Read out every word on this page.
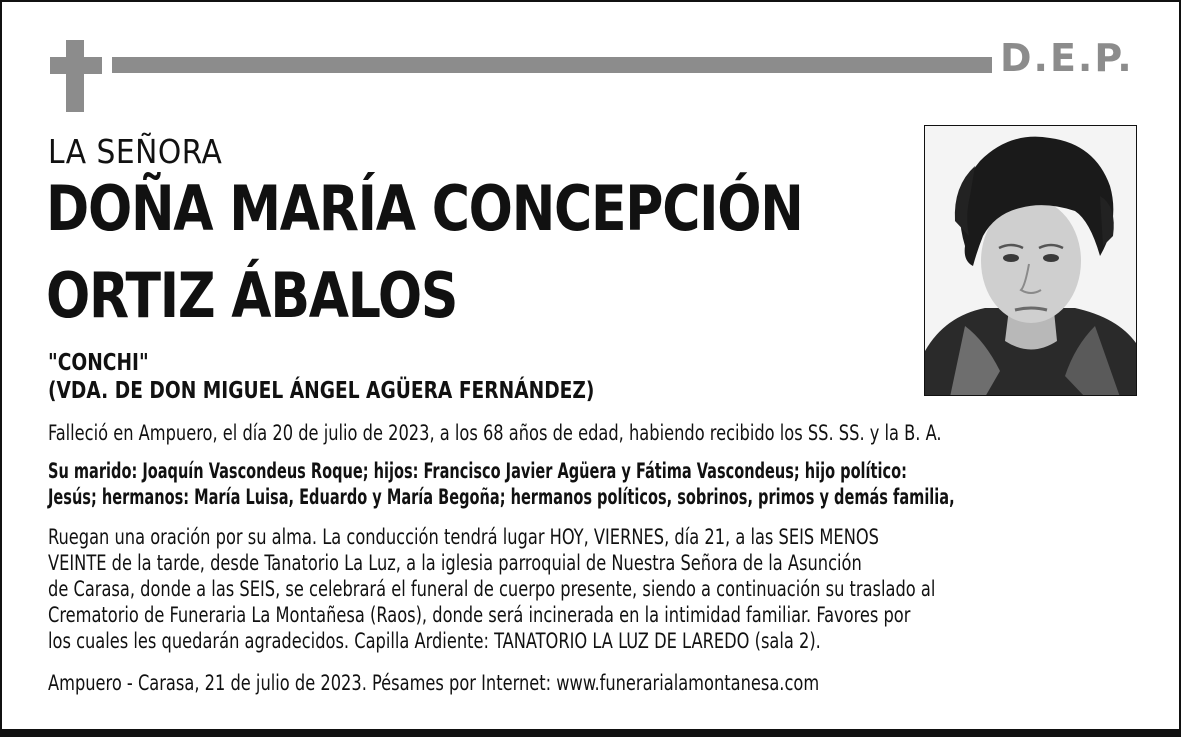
D.E.P.
LA SEÑORA
DOÑA MARÍA CONCEPCIÓN
ORTIZ ÁBALOS
"CONCHI"
(VDA. DE DON MIGUEL ÁNGEL AGÜERA FERNÁNDEZ)
Falleció en Ampuero, el día 20 de julio de 2023, a los 68 años de edad, habiendo recibido los SS. SS. y la B. A.
Su marido: Joaquín Vascondeus Roque; hijos: Francisco Javier Agüera y Fátima Vascondeus; hijo político:
Jesús; hermanos: María Luisa, Eduardo y María Begoña; hermanos políticos, sobrinos, primos y demás familia,
Ruegan una oración por su alma. La conducción tendrá lugar HOY, VIERNES, día 21, a las SEIS MENOS
VEINTE de la tarde, desde Tanatorio La Luz, a la iglesia parroquial de Nuestra Señora de la Asunción
de Carasa, donde a las SEIS, se celebrará el funeral de cuerpo presente, siendo a continuación su traslado al
Crematorio de Funeraria La Montañesa (Raos), donde será incinerada en la intimidad familiar. Favores por
los cuales les quedarán agradecidos. Capilla Ardiente: TANATORIO LA LUZ DE LAREDO (sala 2).
Ampuero - Carasa, 21 de julio de 2023. Pésames por Internet: www.funerarialamontanesa.com
